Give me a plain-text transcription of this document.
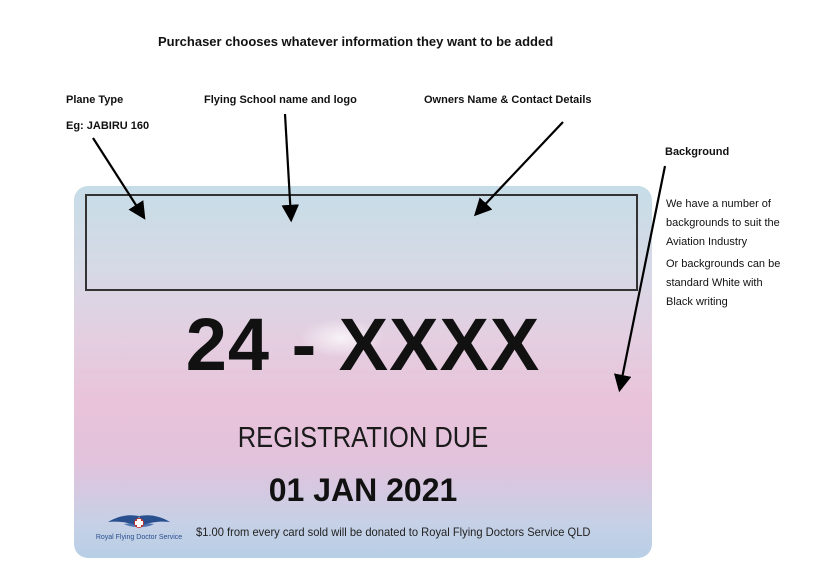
Purchaser chooses whatever information they want to be added
Plane Type
Eg: JABIRU 160
Flying School name and logo	Owners Name & Contact Details
Background
We have a number of
backgrounds to suit the
Aviation Industry
Or backgrounds can be
standard White with
Black writing
24 - XXXX
REGISTRATION DUE
01 JAN 2021
Royal Flying Doctor Service	$1.00 from every card sold will be donated to Royal Flying Doctors Service QLD
